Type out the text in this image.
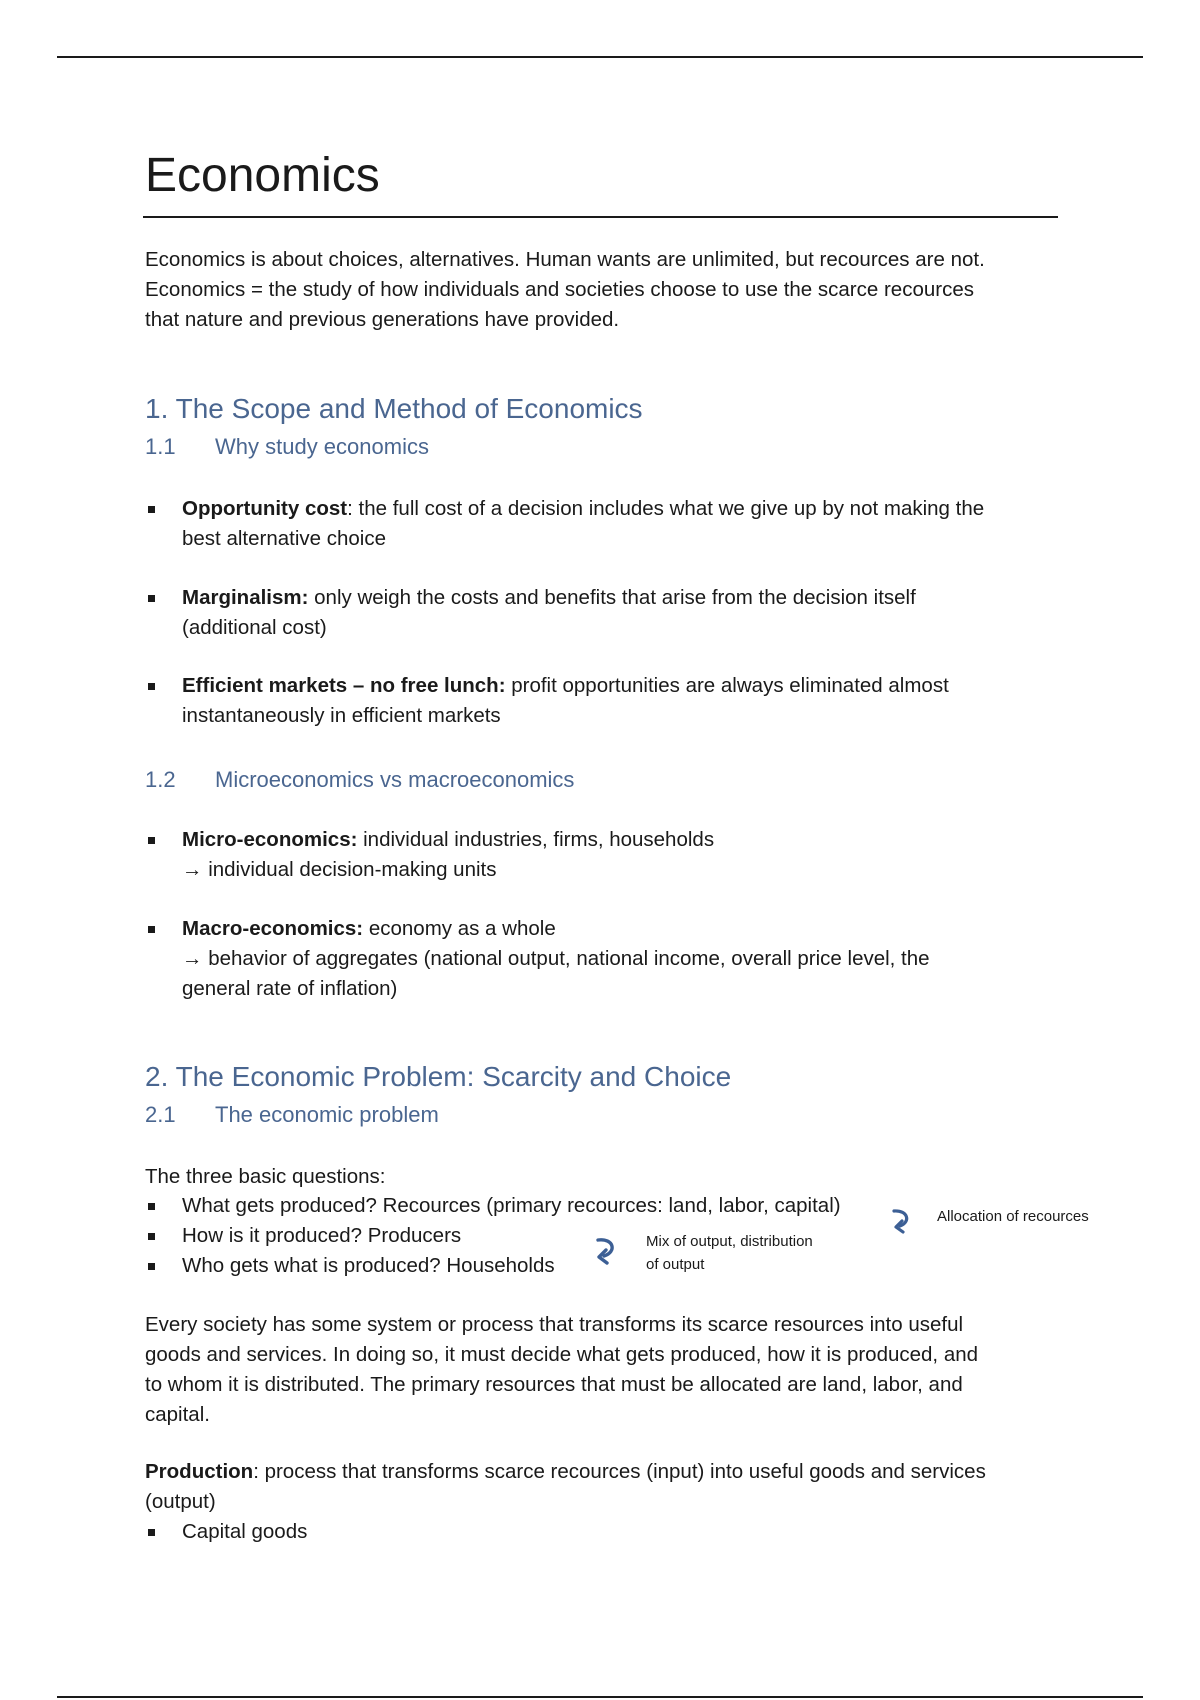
Economics

Economics is about choices, alternatives. Human wants are unlimited, but recources are not.
Economics = the study of how individuals and societies choose to use the scarce recources
that nature and previous generations have provided.

1. The Scope and Method of Economics
1.1 Why study economics
Opportunity cost: the full cost of a decision includes what we give up by not making the
best alternative choice
Marginalism: only weigh the costs and benefits that arise from the decision itself
(additional cost)
Efficient markets – no free lunch: profit opportunities are always eliminated almost
instantaneously in efficient markets
1.2 Microeconomics vs macroeconomics
Micro-economics: individual industries, firms, households
→ individual decision-making units
Macro-economics: economy as a whole
→ behavior of aggregates (national output, national income, overall price level, the
general rate of inflation)
2. The Economic Problem: Scarcity and Choice
2.1 The economic problem

The three basic questions:

What gets produced? Recources (primary recources: land, labor, capital)
How is it produced? Producers
Who gets what is produced? Households
Allocation of recources
Mix of output, distribution
of output

Every society has some system or process that transforms its scarce resources into useful
goods and services. In doing so, it must decide what gets produced, how it is produced, and
to whom it is distributed. The primary resources that must be allocated are land, labor, and
capital.

Production: process that transforms scarce recources (input) into useful goods and services
(output)

Capital goods
